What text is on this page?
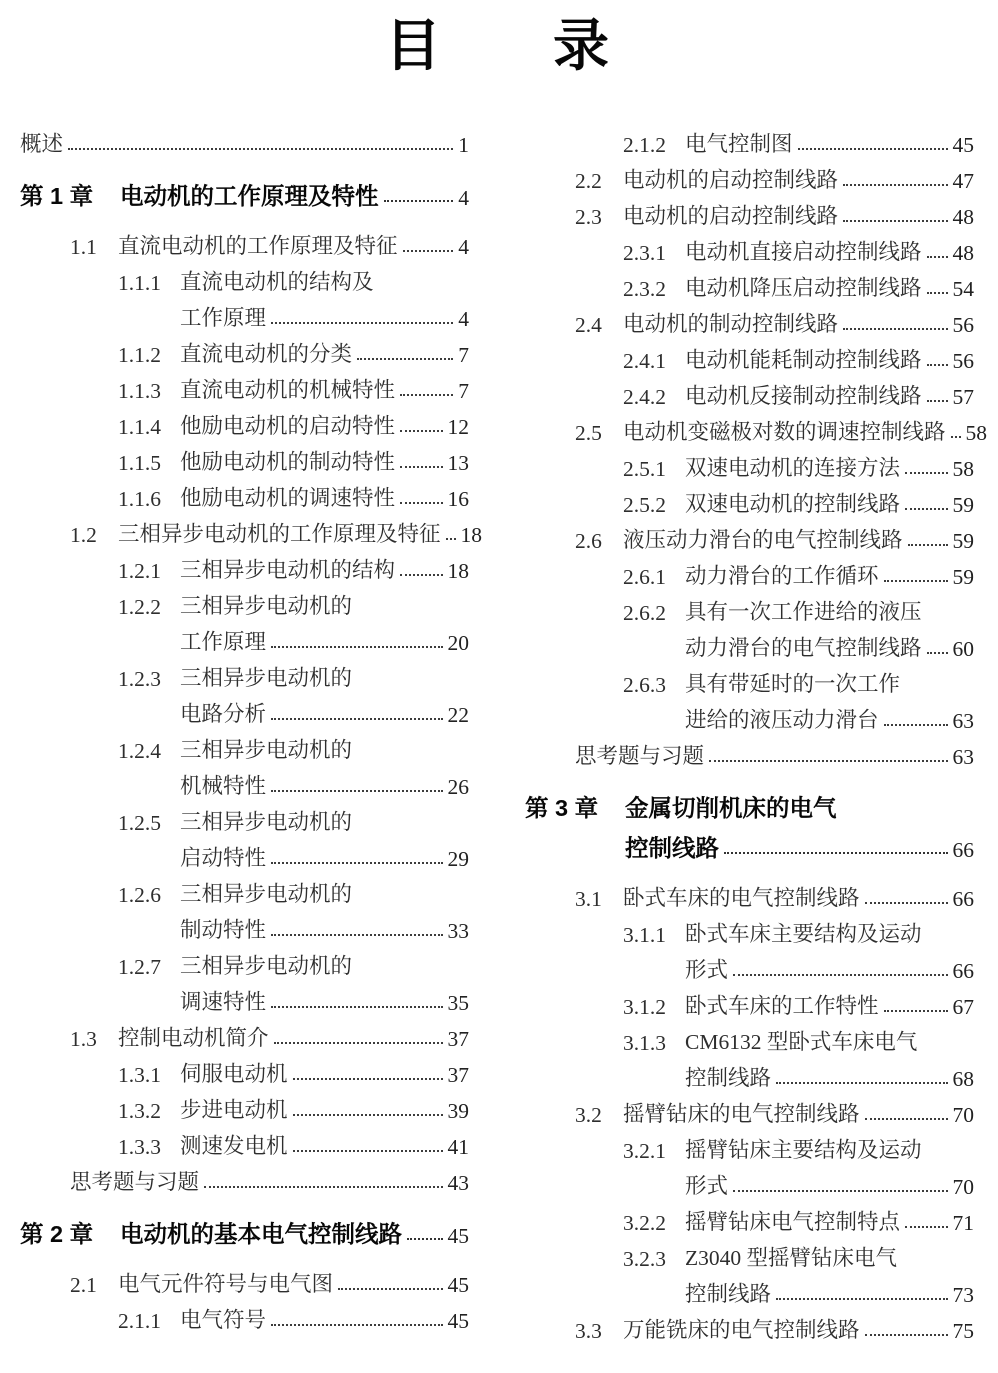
目　　录
概述	1
第 1 章	电动机的工作原理及特性	4
1.1 直流电动机的工作原理及特征	4
1.1.1 直流电动机的结构及
工作原理	4
1.1.2 直流电动机的分类	7
1.1.3 直流电动机的机械特性	7
1.1.4 他励电动机的启动特性 12
1.1.5 他励电动机的制动特性 13
1.1.6 他励电动机的调速特性 16
1.2 三相异步电动机的工作原理及特征 18
1.2.1 三相异步电动机的结构 18
1.2.2 三相异步电动机的
工作原理	20
1.2.3 三相异步电动机的
电路分析	22
1.2.4 三相异步电动机的
机械特性	26
1.2.5 三相异步电动机的
启动特性	29
1.2.6 三相异步电动机的
制动特性	33
1.2.7 三相异步电动机的
调速特性	35
1.3 控制电动机简介	37
1.3.1 伺服电动机	37
1.3.2 步进电动机	39
1.3.3 测速发电机	41
思考题与习题	43
第 2 章	电动机的基本电气控制线路 45
2.1 电气元件符号与电气图	45
2.1.1 电气符号	45
2.1.2 电气控制图	45
2.2 电动机的启动控制线路	47
2.3 电动机的启动控制线路	48
2.3.1 电动机直接启动控制线路 48
2.3.2 电动机降压启动控制线路 54
2.4 电动机的制动控制线路	56
2.4.1 电动机能耗制动控制线路 56
2.4.2 电动机反接制动控制线路 57
2.5 电动机变磁极对数的调速控制线路 58
2.5.1 双速电动机的连接方法 58
2.5.2 双速电动机的控制线路 59
2.6 液压动力滑台的电气控制线路 59
2.6.1 动力滑台的工作循环	59
2.6.2 具有一次工作进给的液压
动力滑台的电气控制线路 60
2.6.3 具有带延时的一次工作
进给的液压动力滑台	63
思考题与习题	63
第 3 章	金属切削机床的电气
控制线路	66
3.1 卧式车床的电气控制线路	66
3.1.1 卧式车床主要结构及运动
形式	66
3.1.2 卧式车床的工作特性	67
3.1.3 CM6132 型卧式车床电气
控制线路	68
3.2 摇臂钻床的电气控制线路	70
3.2.1 摇臂钻床主要结构及运动
形式	70
3.2.2 摇臂钻床电气控制特点 71
3.2.3 Z3040 型摇臂钻床电气
控制线路	73
3.3 万能铣床的电气控制线路	75
